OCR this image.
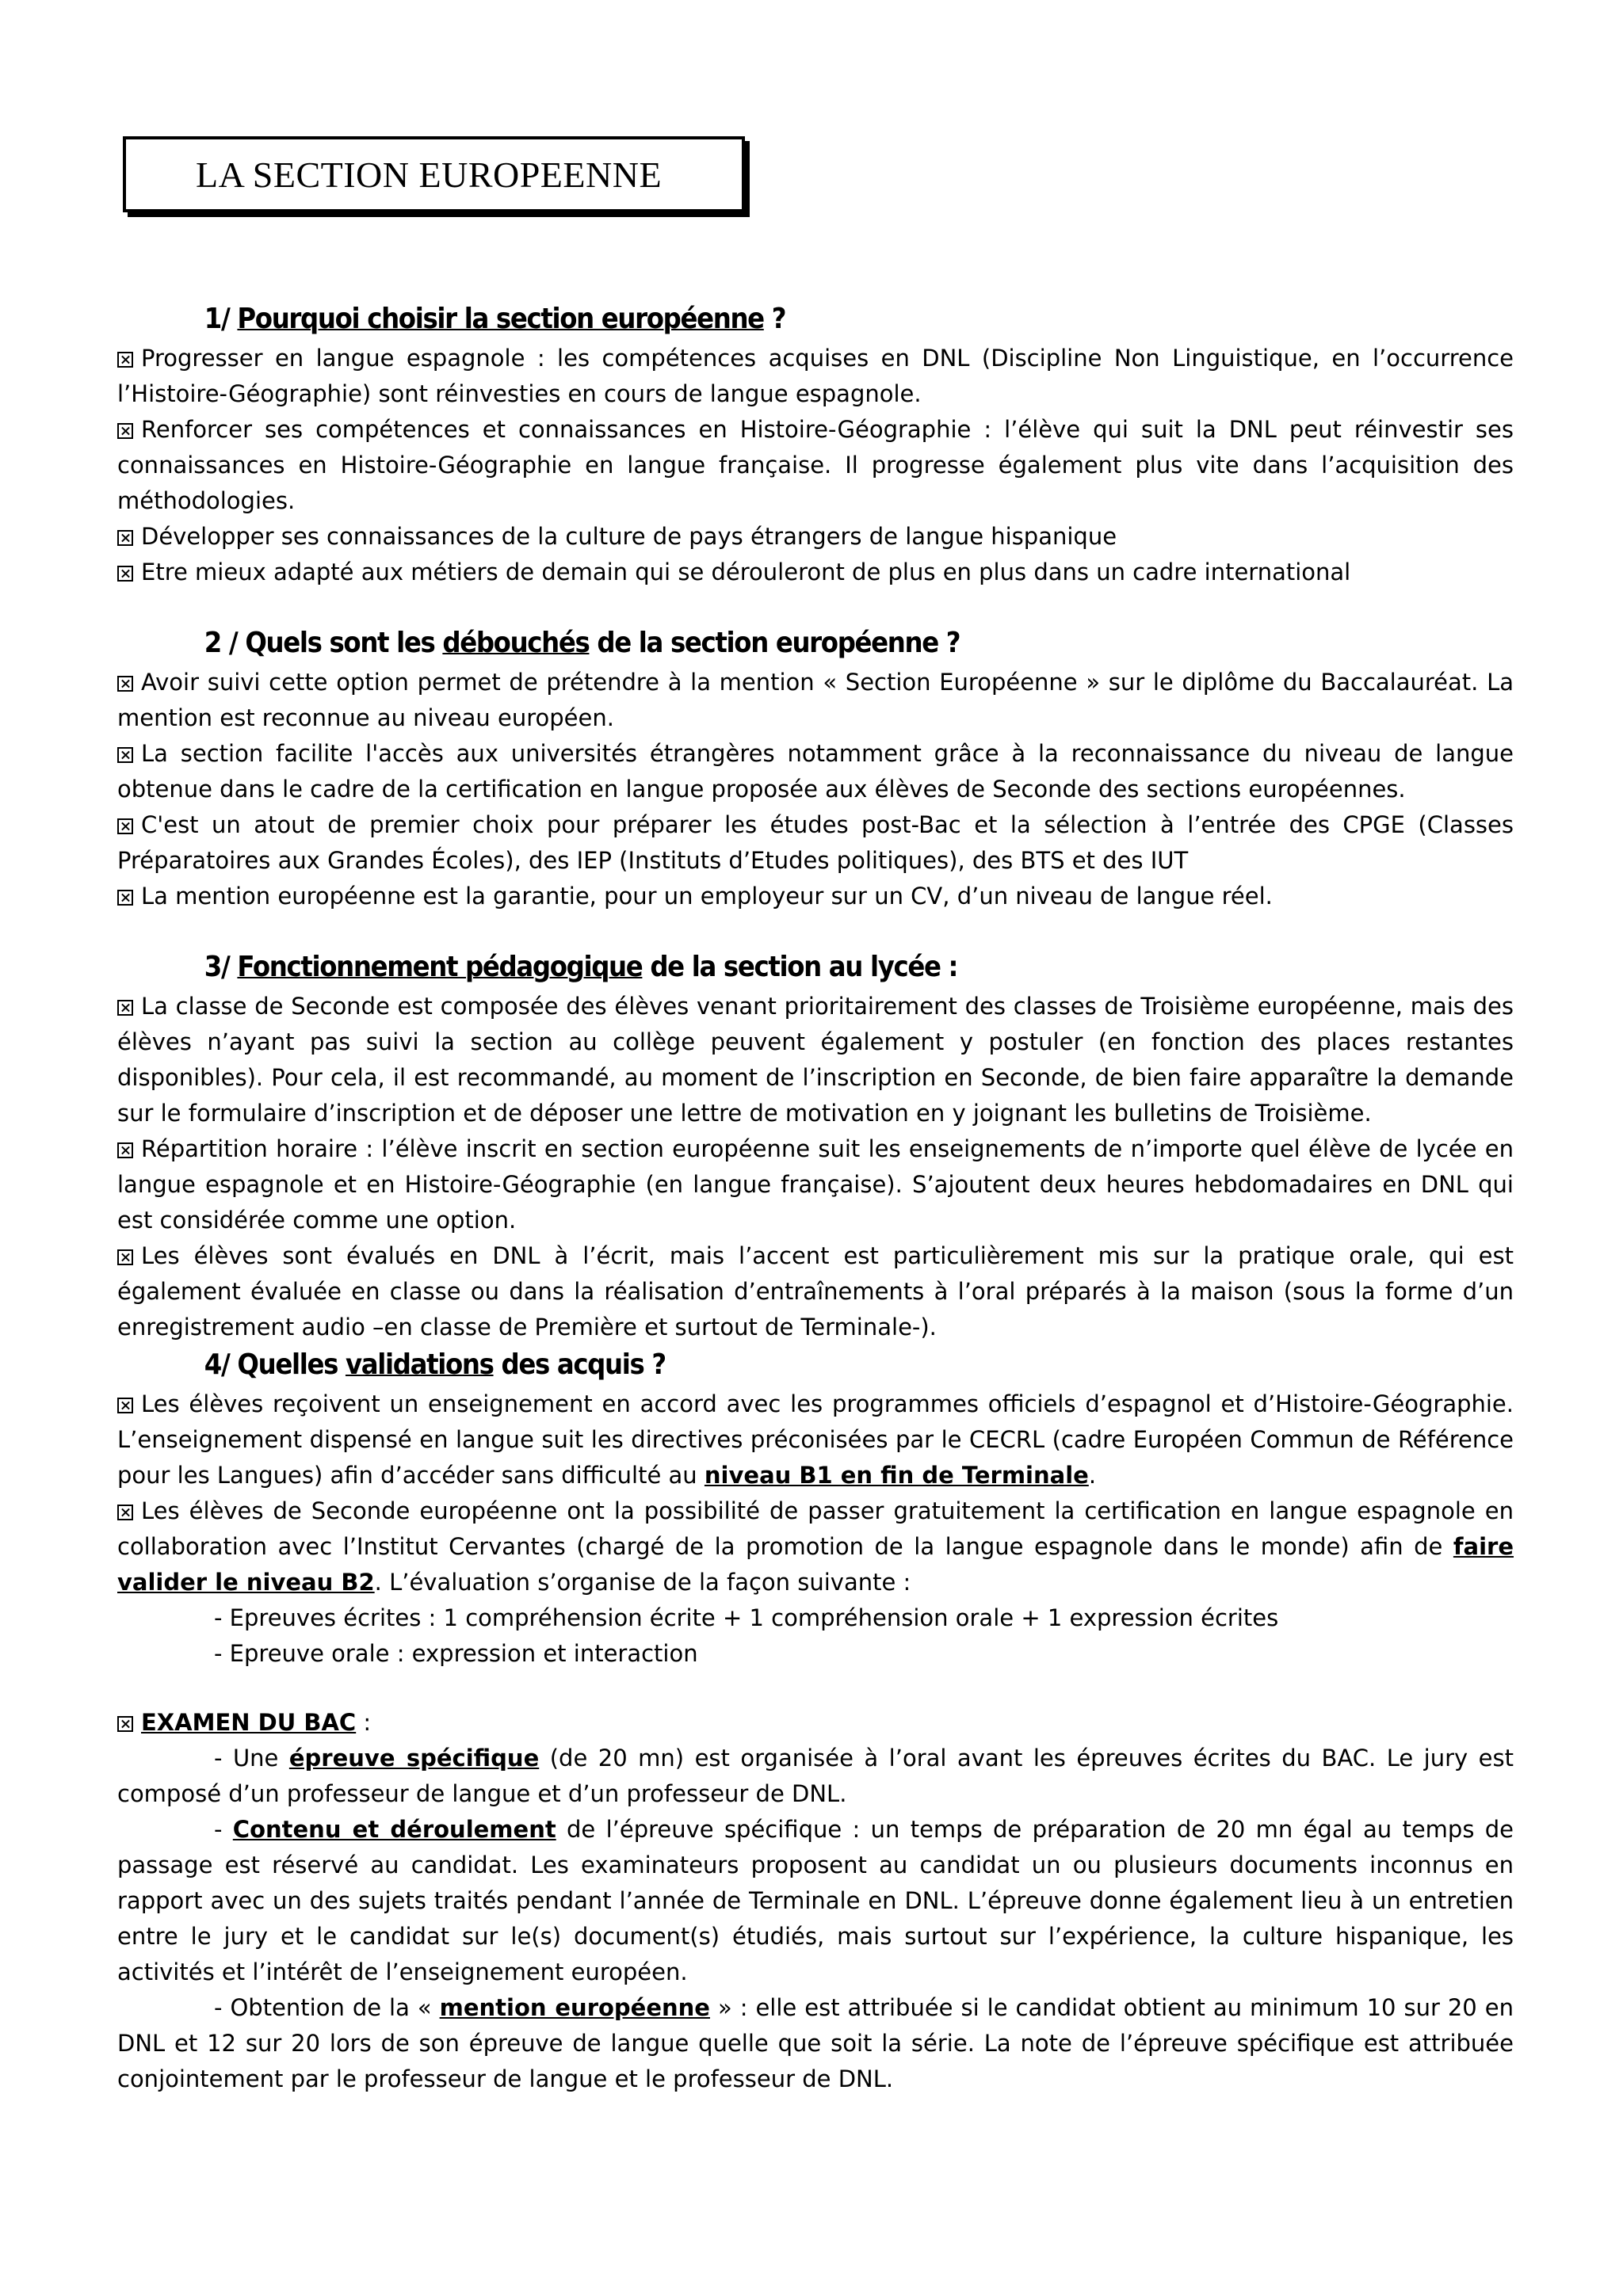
LA SECTION EUROPEENNE
1/ Pourquoi choisir la section européenne ?

Progresser en langue espagnole : les compétences acquises en DNL (Discipline Non Linguistique, en l’occurrence l’Histoire-Géographie) sont réinvesties en cours de langue espagnole.

Renforcer ses compétences et connaissances en Histoire-Géographie : l’élève qui suit la DNL peut réinvestir ses connaissances en Histoire-Géographie en langue française. Il progresse également plus vite dans l’acquisition des méthodologies.

Développer ses connaissances de la culture de pays étrangers de langue hispanique

Etre mieux adapté aux métiers de demain qui se dérouleront de plus en plus dans un cadre international

2 / Quels sont les débouchés de la section européenne ?

Avoir suivi cette option permet de prétendre à la mention « Section Européenne » sur le diplôme du Baccalauréat. La mention est reconnue au niveau européen.

La section facilite l'accès aux universités étrangères notamment grâce à la reconnaissance du niveau de langue obtenue dans le cadre de la certification en langue proposée aux élèves de Seconde des sections européennes.

C'est un atout de premier choix pour préparer les études post-Bac et la sélection à l’entrée des CPGE (Classes Préparatoires aux Grandes Écoles), des IEP (Instituts d’Etudes politiques), des BTS et des IUT

La mention européenne est la garantie, pour un employeur sur un CV, d’un niveau de langue réel.

3/ Fonctionnement pédagogique de la section au lycée :

La classe de Seconde est composée des élèves venant prioritairement des classes de Troisième européenne, mais des élèves n’ayant pas suivi la section au collège peuvent également y postuler (en fonction des places restantes disponibles). Pour cela, il est recommandé, au moment de l’inscription en Seconde, de bien faire apparaître la demande sur le formulaire d’inscription et de déposer une lettre de motivation en y joignant les bulletins de Troisième.

Répartition horaire : l’élève inscrit en section européenne suit les enseignements de n’importe quel élève de lycée en langue espagnole et en Histoire-Géographie (en langue française). S’ajoutent deux heures hebdomadaires en DNL qui est considérée comme une option.

Les élèves sont évalués en DNL à l’écrit, mais l’accent est particulièrement mis sur la pratique orale, qui est également évaluée en classe ou dans la réalisation d’entraînements à l’oral préparés à la maison (sous la forme d’un enregistrement audio –en classe de Première et surtout de Terminale-).

4/ Quelles validations des acquis ?

Les élèves reçoivent un enseignement en accord avec les programmes officiels d’espagnol et d’Histoire-Géographie. L’enseignement dispensé en langue suit les directives préconisées par le CECRL (cadre Européen Commun de Référence pour les Langues) afin d’accéder sans difficulté au niveau B1 en fin de Terminale.

Les élèves de Seconde européenne ont la possibilité de passer gratuitement la certification en langue espagnole en collaboration avec l’Institut Cervantes (chargé de la promotion de la langue espagnole dans le monde) afin de faire valider le niveau B2. L’évaluation s’organise de la façon suivante :

- Epreuves écrites : 1 compréhension écrite + 1 compréhension orale + 1 expression écrites

- Epreuve orale : expression et interaction

EXAMEN DU BAC :

- Une épreuve spécifique (de 20 mn) est organisée à l’oral avant les épreuves écrites du BAC. Le jury est composé d’un professeur de langue et d’un professeur de DNL.

- Contenu et déroulement de l’épreuve spécifique : un temps de préparation de 20 mn égal au temps de passage est réservé au candidat. Les examinateurs proposent au candidat un ou plusieurs documents inconnus en rapport avec un des sujets traités pendant l’année de Terminale en DNL. L’épreuve donne également lieu à un entretien entre le jury et le candidat sur le(s) document(s) étudiés, mais surtout sur l’expérience, la culture hispanique, les activités et l’intérêt de l’enseignement européen.

- Obtention de la « mention européenne » : elle est attribuée si le candidat obtient au minimum 10 sur 20 en DNL et 12 sur 20 lors de son épreuve de langue quelle que soit la série. La note de l’épreuve spécifique est attribuée conjointement par le professeur de langue et le professeur de DNL.
